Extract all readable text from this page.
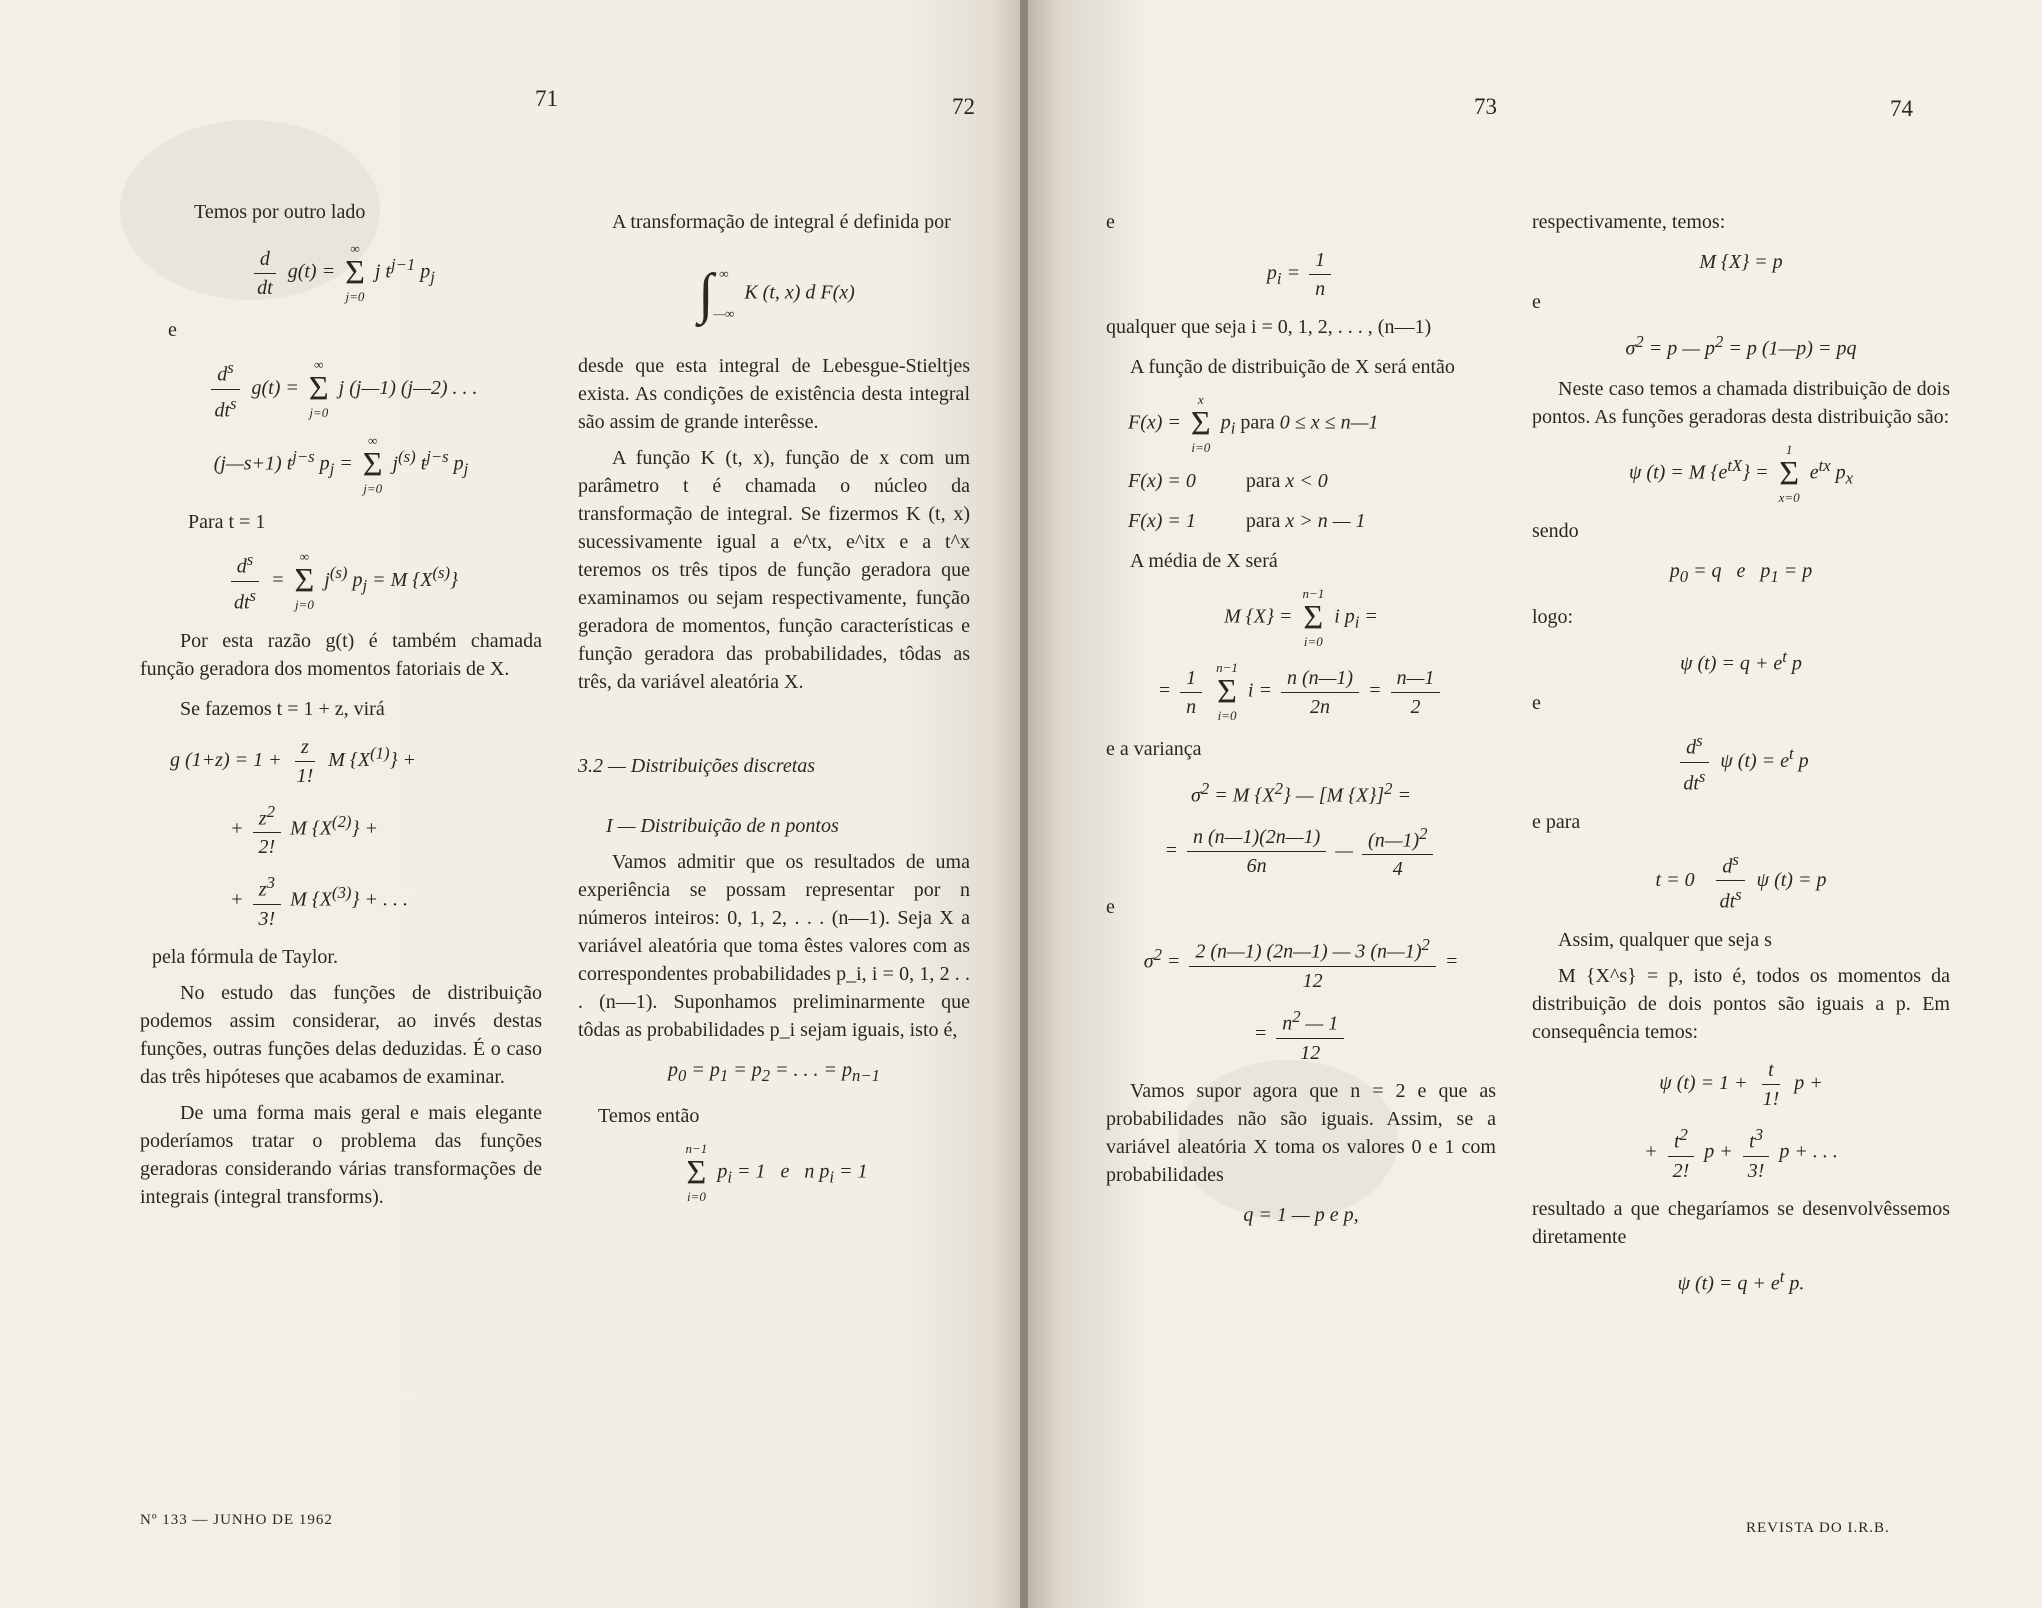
71	72

Temos por outro lado

$\frac{d}{dt} g(t)$ =
∞
Σ
j=0
j $t^{j-1}$ $p_j$

e

$\frac{d^s}{dt^s} g(t)$ =
∞
Σ
j=0
j (j—1) (j—2) . . .
(j—s+1) $t^{j-s}$ $p_j$ =
∞
Σ
j=0
$j^{(s)}$ $t^{j-s}$ $p_j$

Para t = 1

$\frac{d^s}{dt^s}$ =
∞
Σ
j=0
$j^{(s)}$ $p_j = M$ $\{X^{(s)}\}$

Por esta razão g(t) é também chamada função geradora dos momentos fatoriais de X.

Se fazemos t = 1 + z, virá

g $(1+z) = 1 + \frac{z}{1!}$ M $\{X^{(1)}\}$ +
+ $\frac{z^2}{2!}$ M $\{X^{(2)}\}$ +
+ $\frac{z^3}{3!}$ M $\{X^{(3)}\}$ + . . .

pela fórmula de Taylor.

No estudo das funções de distribuição podemos assim considerar, ao invés destas funções, outras funções delas deduzidas. É o caso das três hipóteses que acabamos de examinar.

De uma forma mais geral e mais elegante poderíamos tratar o problema das funções geradoras considerando várias transformações de integrais (integral transforms).

A transformação de integral é definida por

∫ ∞
—∞
K (t, x) d F(x)

desde que esta integral de Lebesgue-Stieltjes exista. As condições de existência desta integral são assim de grande interêsse.

A função K (t, x), função de x com um parâmetro t é chamada o núcleo da transformação de integral. Se fizermos K (t, x) sucessivamente igual a e^tx, e^itx e a t^x teremos os três tipos de função geradora que examinamos ou sejam respectivamente, função geradora de momentos, função características e função geradora das probabilidades, tôdas as três, da variável aleatória X.

3.2 — Distribuições discretas

I — Distribuição de n pontos

Vamos admitir que os resultados de uma experiência se possam representar por n números inteiros: 0, 1, 2, . . . (n—1). Seja X a variável aleatória que toma êstes valores com as correspondentes probabilidades p_i, i = 0, 1, 2 . . . (n—1). Suponhamos preliminarmente que tôdas as probabilidades p_i sejam iguais, isto é,

$p_0 = p_1 = p_2$ = . . . = $p_{n-1}$

Temos então

n−1
Σ
i=0
$p_i = 1$   e   n $p_i = 1$
Nº 133 — JUNHO DE 1962
73	74

e

$p_i = \frac{1}{n}$

qualquer que seja i = 0, 1, 2, . . . , (n—1)

A função de distribuição de X será então

F(x) =
x
Σ
i=0
$p_i$ para 0 ≤ x ≤ n—1
F(x) = 0          para x < 0
F(x) = 1          para x > n — 1

A média de X será

M {X} =
n−1
Σ
i=0
i $p_i$ =
= $\frac{1}{n}$
n−1
Σ
i=0
$i = \frac{n (n—1)}{2n} = \frac{n—1}{2}$

e a variança

$\sigma^2 = M$ $\{X^2\}$ — [M {X}]$^2$ =
= $\frac{n (n—1)(2n—1)}{6n}$ — $\frac{(n—1)^2}{4}$

e

$\sigma^2 = \frac{2 (n—1) (2n—1) — 3 (n—1)^2}{12}$ =
= $\frac{n^2 — 1}{12}$

Vamos supor agora que n = 2 e que as probabilidades não são iguais. Assim, se a variável aleatória X toma os valores 0 e 1 com probabilidades

q = 1 — p e p,

respectivamente, temos:

M {X} = p

e

$\sigma^2 = p$ — $p^2 = p$ (1—p) = pq

Neste caso temos a chamada distribuição de dois pontos. As funções geradoras desta distribuição são:

ψ (t) = M $\{e^{tX}\}$ =
1
Σ
x=0
$e^{tx}$ $p_x$

sendo

$p_0 = q$   e   $p_1 = p$

logo:

ψ $(t) = q + e^t$ p

e

$\frac{d^s}{dt^s}$ ψ $(t) = e^t$ p

e para

$t = 0 \frac{d^s}{dt^s}$ ψ (t) = p

Assim, qualquer que seja s

M {X^s} = p, isto é, todos os momentos da distribuição de dois pontos são iguais a p. Em consequência temos:

ψ $(t) = 1 + \frac{t}{1!}$ p +
+ $\frac{t^2}{2!}$ $p + \frac{t^3}{3!}$ p + . . .

resultado a que chegaríamos se desenvolvêssemos diretamente

ψ $(t) = q + e^t$ p.
REVISTA DO I.R.B.
